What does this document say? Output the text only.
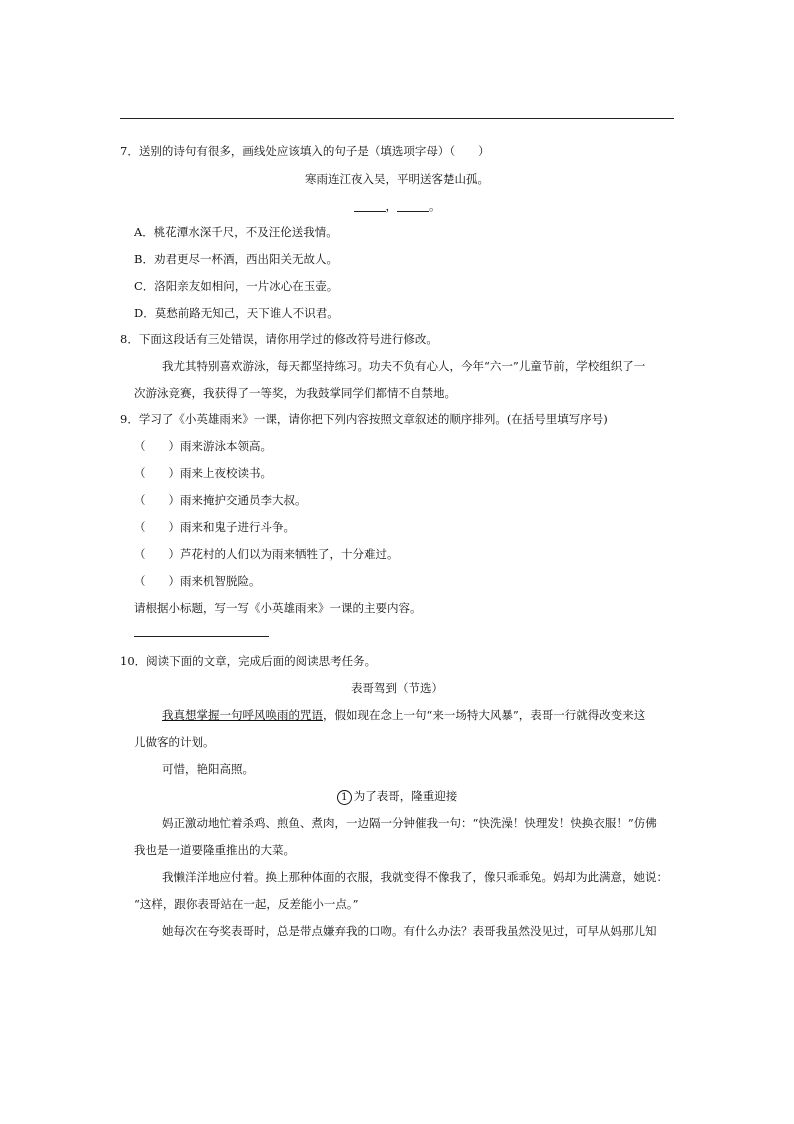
7．送别的诗句有很多，画线处应该填入的句子是（填选项字母）（　　）
寒雨连江夜入吴，平明送客楚山孤。
，	。
A．桃花潭水深千尺，不及汪伦送我情。
B．劝君更尽一杯酒，西出阳关无故人。
C．洛阳亲友如相问，一片冰心在玉壶。
D．莫愁前路无知己，天下谁人不识君。
8．下面这段话有三处错误，请你用学过的修改符号进行修改。
我尤其特别喜欢游泳，每天都坚持练习。功夫不负有心人，今年“六一”儿童节前，学校组织了一
次游泳竞赛，我获得了一等奖，为我鼓掌同学们都情不自禁地。
9．学习了《小英雄雨来》一课，请你把下列内容按照文章叙述的顺序排列。(在括号里填写序号)
（　　）雨来游泳本领高。
（　　）雨来上夜校读书。
（　　）雨来掩护交通员李大叔。
（　　）雨来和鬼子进行斗争。
（　　）芦花村的人们以为雨来牺牲了，十分难过。
（　　）雨来机智脱险。
请根据小标题，写一写《小英雄雨来》一课的主要内容。
10．阅读下面的文章，完成后面的阅读思考任务。
表哥驾到（节选）
我真想掌握一句呼风唤雨的咒语，假如现在念上一句“来一场特大风暴”，表哥一行就得改变来这
儿做客的计划。
可惜，艳阳高照。
1 为了表哥，隆重迎接
妈正激动地忙着杀鸡、煎鱼、煮肉，一边隔一分钟催我一句：“快洗澡！快理发！快换衣服！”仿佛
我也是一道要隆重推出的大菜。
我懒洋洋地应付着。换上那种体面的衣服，我就变得不像我了，像只乖乖兔。妈却为此满意，她说：
“这样，跟你表哥站在一起，反差能小一点。”
她每次在夸奖表哥时，总是带点嫌弃我的口吻。有什么办法？表哥我虽然没见过，可早从妈那儿知
